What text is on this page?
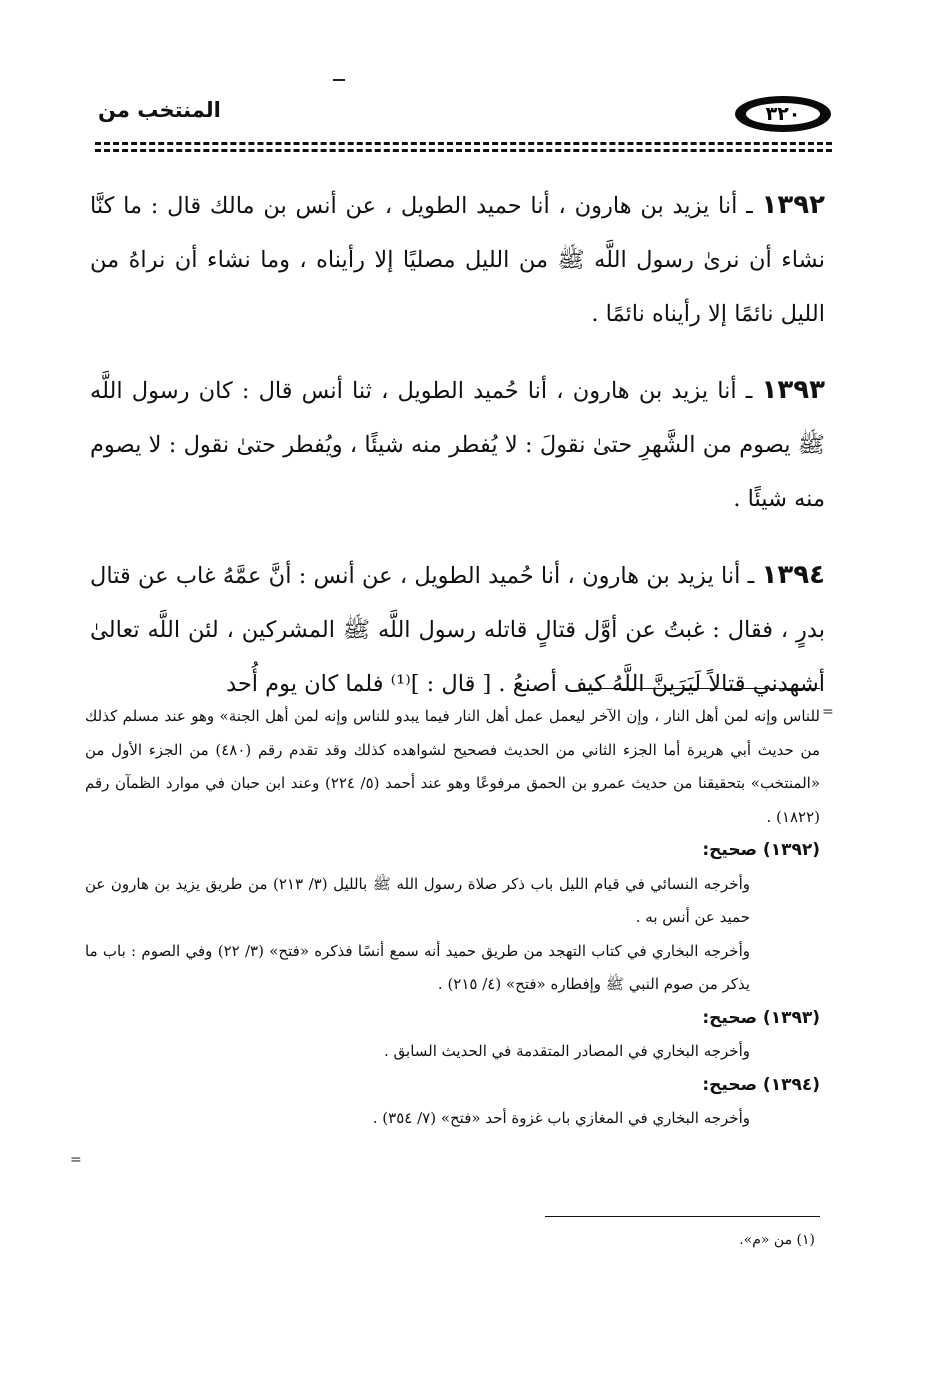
٣٢٠
المنتخب من

١٣٩٢ ـ أنا يزيد بن هارون ، أنا حميد الطويل ، عن أنس بن مالك قال : ما كنَّا نشاء أن نرىٰ رسول اللَّه ﷺ من الليل مصليًا إلا رأيناه ، وما نشاء أن نراهُ من الليل نائمًا إلا رأيناه نائمًا .

١٣٩٣ ـ أنا يزيد بن هارون ، أنا حُميد الطويل ، ثنا أنس قال : كان رسول اللَّه ﷺ يصوم من الشَّهرِ حتىٰ نقولَ : لا يُفطر منه شيئًا ، ويُفطر حتىٰ نقول : لا يصوم منه شيئًا .

١٣٩٤ ـ أنا يزيد بن هارون ، أنا حُميد الطويل ، عن أنس : أنَّ عمَّهُ غاب عن قتال بدرٍ ، فقال : غبتُ عن أوَّل قتالٍ قاتله رسول اللَّه ﷺ المشركين ، لئن اللَّه تعالىٰ أشهدني قتالاً لَيَرَينَّ اللَّهُ كيف أصنعُ . [ قال : ]⁽¹⁾ فلما كان يوم أُحد

=
=

للناس وإنه لمن أهل النار ، وإن الآخر ليعمل عمل أهل النار فيما يبدو للناس وإنه لمن أهل الجنة» وهو عند مسلم كذلك من حديث أبي هريرة أما الجزء الثاني من الحديث فصحيح لشواهده كذلك وقد تقدم رقم (٤٨٠) من الجزء الأول من «المنتخب» بتحقيقنا من حديث عمرو بن الحمق مرفوعًا وهو عند أحمد (٥/ ٢٢٤) وعند ابن حبان في موارد الظمآن رقم (١٨٢٢) .

(١٣٩٢) صحيح:

وأخرجه النسائي في قيام الليل باب ذكر صلاة رسول الله ﷺ بالليل (٣/ ٢١٣) من طريق يزيد بن هارون عن حميد عن أنس به .

وأخرجه البخاري في كتاب التهجد من طريق حميد أنه سمع أنسًا فذكره «فتح» (٣/ ٢٢) وفي الصوم : باب ما يذكر من صوم النبي ﷺ وإفطاره «فتح» (٤/ ٢١٥) .

(١٣٩٣) صحيح:

وأخرجه البخاري في المصادر المتقدمة في الحديث السابق .

(١٣٩٤) صحيح:

وأخرجه البخاري في المغازي باب غزوة أحد «فتح» (٧/ ٣٥٤) .

(١) من «م».
